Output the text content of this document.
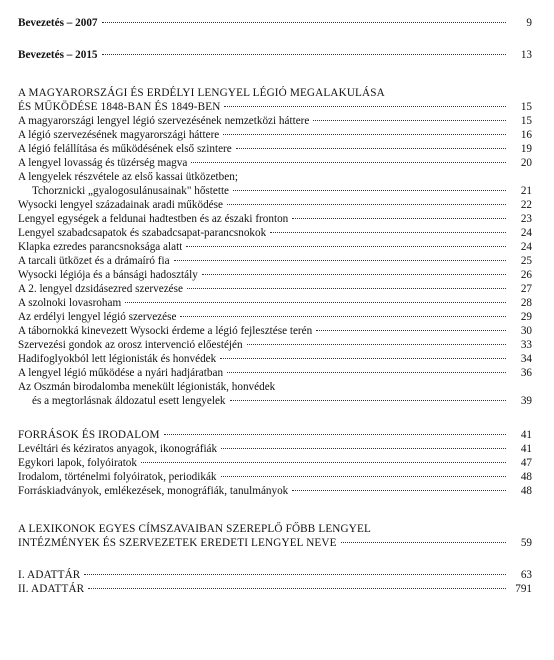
Bevezetés – 2007	9
Bevezetés – 2015	13
A MAGYARORSZÁGI ÉS ERDÉLYI LENGYEL LÉGIÓ MEGALAKULÁSA
ÉS MŰKÖDÉSE 1848-BAN ÉS 1849-BEN	15
A magyarországi lengyel légió szervezésének nemzetközi háttere	15
A légió szervezésének magyarországi háttere	16
A légió felállítása és működésének első szintere	19
A lengyel lovasság és tüzérség magva	20
A lengyelek részvétele az első kassai ütközetben;
Tchorznicki „gyalogosulánusainak" hőstette	21
Wysocki lengyel századainak aradi működése	22
Lengyel egységek a feldunai hadtestben és az északi fronton	23
Lengyel szabadcsapatok és szabadcsapat-parancsnokok	24
Klapka ezredes parancsnoksága alatt	24
A tarcali ütközet és a drámaíró fia	25
Wysocki légiója és a bánsági hadosztály	26
A 2. lengyel dzsidásezred szervezése	27
A szolnoki lovasroham	28
Az erdélyi lengyel légió szervezése	29
A tábornokká kinevezett Wysocki érdeme a légió fejlesztése terén	30
Szervezési gondok az orosz intervenció előestéjén	33
Hadifoglyokból lett légionisták és honvédek	34
A lengyel légió működése a nyári hadjáratban	36
Az Oszmán birodalomba menekült légionisták, honvédek
és a megtorlásnak áldozatul esett lengyelek	39
FORRÁSOK ÉS IRODALOM	41
Levéltári és kéziratos anyagok, ikonográfiák	41
Egykori lapok, folyóiratok	47
Irodalom, történelmi folyóiratok, periodikák	48
Forráskiadványok, emlékezések, monográfiák, tanulmányok	48
A LEXIKONOK EGYES CÍMSZAVAIBAN SZEREPLŐ FŐBB LENGYEL
INTÉZMÉNYEK ÉS SZERVEZETEK EREDETI LENGYEL NEVE	59
I. ADATTÁR	63
II. ADATTÁR	791
